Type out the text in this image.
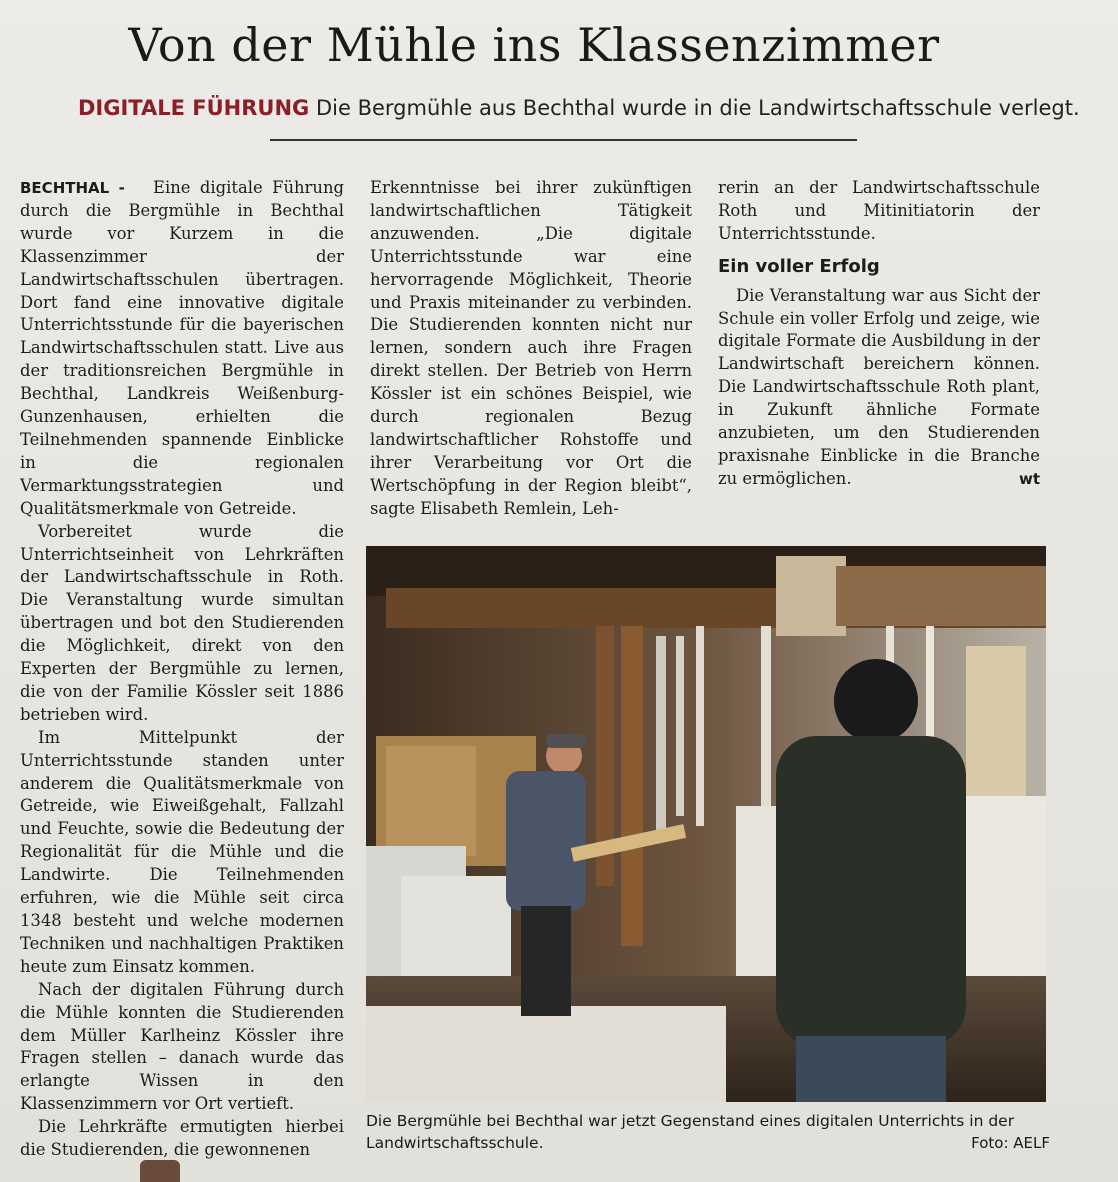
Von der Mühle ins Klassenzimmer
DIGITALE FÜHRUNG Die Bergmühle aus Bechthal wurde in die Landwirtschaftsschule verlegt.

BECHTHAL - Eine digitale Führung durch die Bergmühle in Bechthal wurde vor Kurzem in die Klassenzimmer der Landwirtschaftsschulen übertragen. Dort fand eine innovative digitale Unterrichtsstunde für die bayerischen Landwirtschaftsschulen statt. Live aus der traditionsreichen Bergmühle in Bechthal, Landkreis Weißenburg-Gunzenhausen, erhielten die Teilnehmenden spannende Einblicke in die regionalen Vermarktungsstrategien und Qualitätsmerkmale von Getreide.

Vorbereitet wurde die Unterrichtseinheit von Lehrkräften der Landwirtschaftsschule in Roth. Die Veranstaltung wurde simultan übertragen und bot den Studierenden die Möglichkeit, direkt von den Experten der Bergmühle zu lernen, die von der Familie Kössler seit 1886 betrieben wird.

Im Mittelpunkt der Unterrichtsstunde standen unter anderem die Qualitätsmerkmale von Getreide, wie Eiweißgehalt, Fallzahl und Feuchte, sowie die Bedeutung der Regionalität für die Mühle und die Landwirte. Die Teilnehmenden erfuhren, wie die Mühle seit circa 1348 besteht und welche modernen Techniken und nachhaltigen Praktiken heute zum Einsatz kommen.

Nach der digitalen Führung durch die Mühle konnten die Studierenden dem Müller Karlheinz Kössler ihre Fragen stellen – danach wurde das erlangte Wissen in den Klassenzimmern vor Ort vertieft.

Die Lehrkräfte ermutigten hierbei die Studierenden, die gewonnenen

Erkenntnisse bei ihrer zukünftigen landwirtschaftlichen Tätigkeit anzuwenden. „Die digitale Unterrichtsstunde war eine hervorragende Möglichkeit, Theorie und Praxis miteinander zu verbinden. Die Studierenden konnten nicht nur lernen, sondern auch ihre Fragen direkt stellen. Der Betrieb von Herrn Kössler ist ein schönes Beispiel, wie durch regionalen Bezug landwirtschaftlicher Rohstoffe und ihrer Verarbeitung vor Ort die Wertschöpfung in der Region bleibt“, sagte Elisabeth Remlein, Leh-

rerin an der Landwirtschaftsschule Roth und Mitinitiatorin der Unterrichtsstunde.

Ein voller Erfolg

Die Veranstaltung war aus Sicht der Schule ein voller Erfolg und zeige, wie digitale Formate die Ausbildung in der Landwirtschaft bereichern können. Die Landwirtschaftsschule Roth plant, in Zukunft ähnliche Formate anzubieten, um den Studierenden praxisnahe Einblicke in die Branche zu ermöglichen.	wt

Die Bergmühle bei Bechthal war jetzt Gegenstand eines digitalen Unterrichts in der Landwirtschaftsschule.	Foto: AELF
